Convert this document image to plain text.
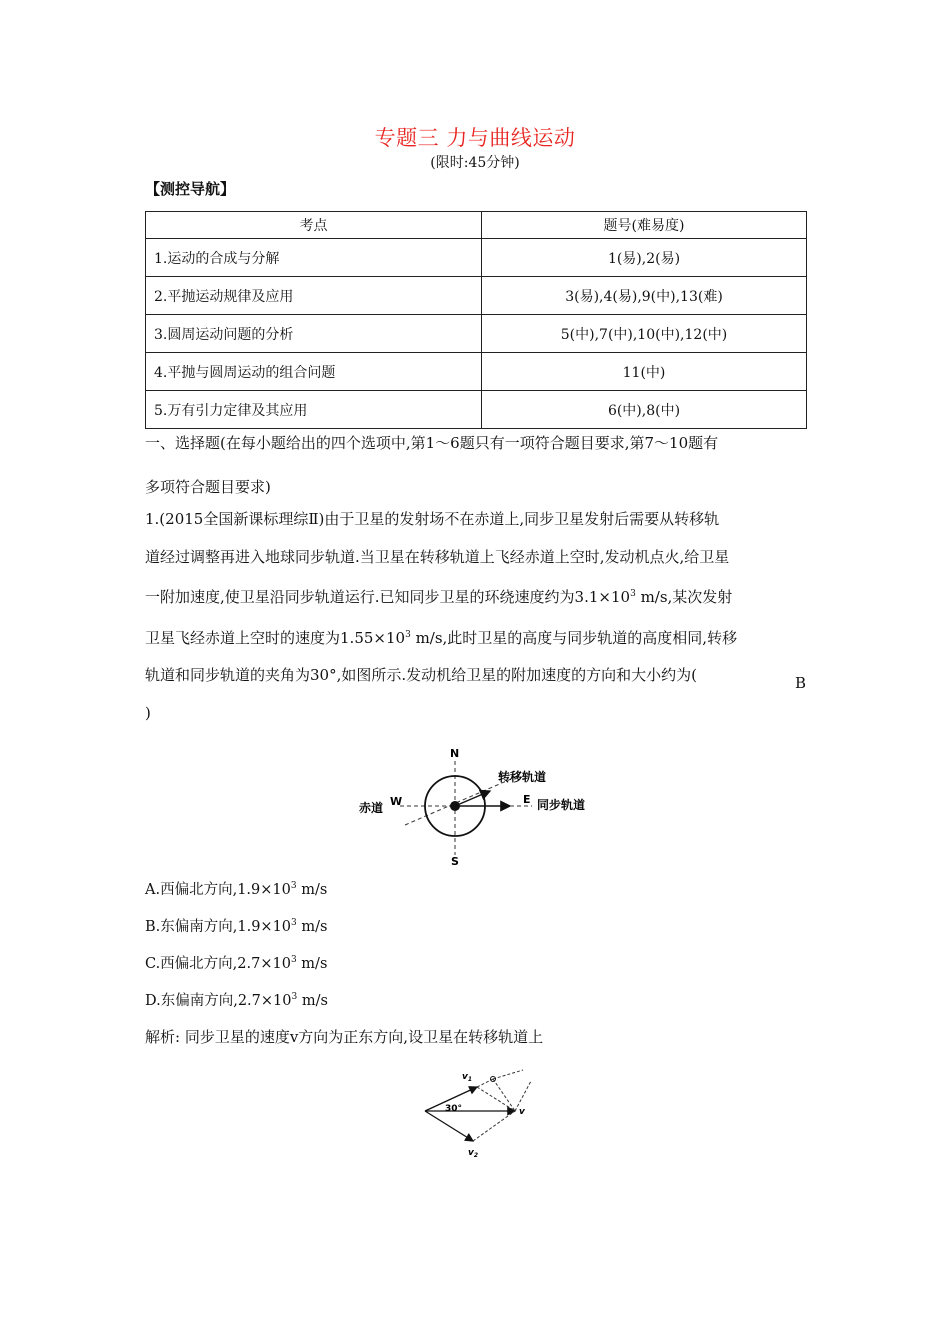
专题三 力与曲线运动
(限时:45分钟)
【测控导航】
考点	题号(难易度)
1.运动的合成与分解	1(易),2(易)
2.平抛运动规律及应用	3(易),4(易),9(中),13(难)
3.圆周运动问题的分析	5(中),7(中),10(中),12(中)
4.平抛与圆周运动的组合问题	11(中)
5.万有引力定律及其应用	6(中),8(中)
一、选择题(在每小题给出的四个选项中,第1～6题只有一项符合题目要求,第7～10题有
多项符合题目要求)
1.(2015全国新课标理综Ⅱ)由于卫星的发射场不在赤道上,同步卫星发射后需要从转移轨
道经过调整再进入地球同步轨道.当卫星在转移轨道上飞经赤道上空时,发动机点火,给卫星
一附加速度,使卫星沿同步轨道运行.已知同步卫星的环绕速度约为$3.1\times 10^3$ m/s,某次发射
卫星飞经赤道上空时的速度为$1.55\times 10^3$ m/s,此时卫星的高度与同步轨道的高度相同,转移
轨道和同步轨道的夹角为30°,如图所示.发动机给卫星的附加速度的方向和大小约为(
)
B
N
S
W	E
赤道
转移轨道
同步轨道
A.西偏北方向$,1.9\times 10^3$ m/s
B.东偏南方向$,1.9\times 10^3$ m/s
C.西偏北方向$,2.7\times 10^3$ m/s
D.东偏南方向$,2.7\times 10^3$ m/s
解析: 同步卫星的速度v方向为正东方向,设卫星在转移轨道上
30°
$v_1$
v
$v_2$
